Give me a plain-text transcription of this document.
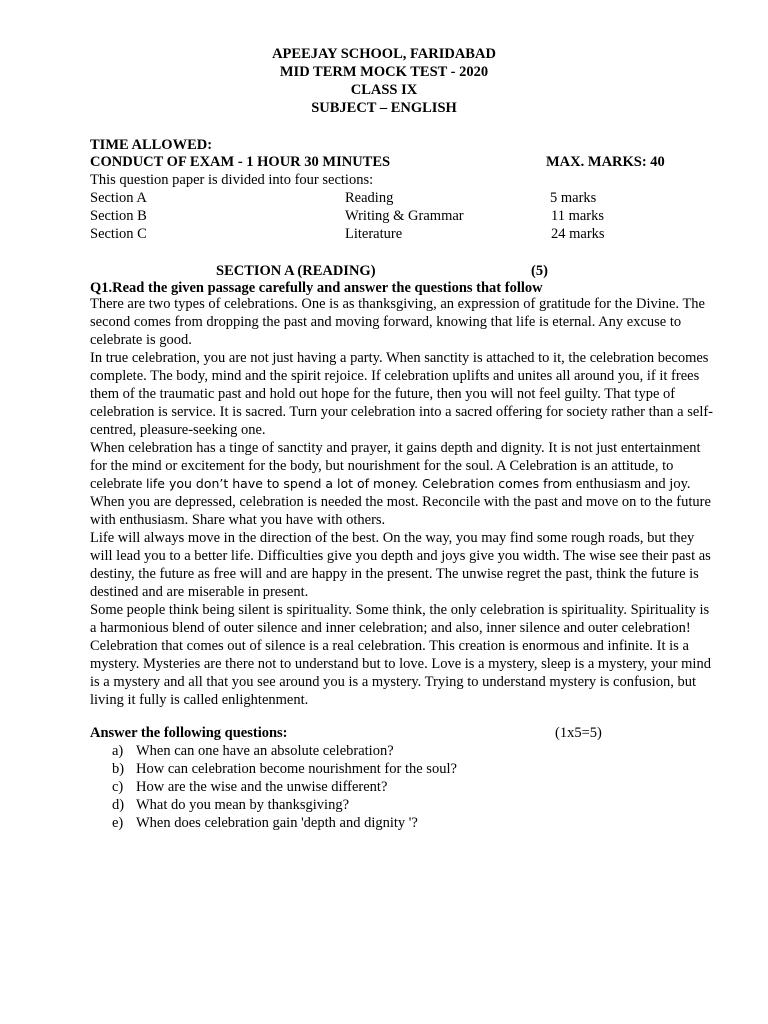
APEEJAY SCHOOL, FARIDABAD
MID TERM MOCK TEST - 2020
CLASS IX
SUBJECT – ENGLISH
TIME ALLOWED:
CONDUCT OF EXAM - 1 HOUR 30 MINUTES	MAX. MARKS: 40
This question paper is divided into four sections:
Section A	Reading	5 marks
Section B	Writing & Grammar	11 marks
Section C	Literature	24 marks
SECTION A (READING)	(5)
Q1.Read the given passage carefully and answer the questions that follow

There are two types of celebrations. One is as thanksgiving, an expression of gratitude for the Divine. The second comes from dropping the past and moving forward, knowing that life is eternal. Any excuse to celebrate is good.

In true celebration, you are not just having a party. When sanctity is attached to it, the celebration becomes complete. The body, mind and the spirit rejoice. If celebration uplifts and unites all around you, if it frees them of the traumatic past and hold out hope for the future, then you will not feel guilty. That type of celebration is service. It is sacred. Turn your celebration into a sacred offering for society rather than a self-centred, pleasure-seeking one.

When celebration has a tinge of sanctity and prayer, it gains depth and dignity. It is not just entertainment for the mind or excitement for the body, but nourishment for the soul. A Celebration is an attitude, to celebrate life you don’t have to spend a lot of money. Celebration comes from enthusiasm and joy. When you are depressed, celebration is needed the most. Reconcile with the past and move on to the future with enthusiasm. Share what you have with others.

Life will always move in the direction of the best. On the way, you may find some rough roads, but they will lead you to a better life. Difficulties give you depth and joys give you width. The wise see their past as destiny, the future as free will and are happy in the present. The unwise regret the past, think the future is destined and are miserable in present.

Some people think being silent is spirituality. Some think, the only celebration is spirituality. Spirituality is a harmonious blend of outer silence and inner celebration; and also, inner silence and outer celebration! Celebration that comes out of silence is a real celebration. This creation is enormous and infinite. It is a mystery. Mysteries are there not to understand but to love. Love is a mystery, sleep is a mystery, your mind is a mystery and all that you see around you is a mystery. Trying to understand mystery is confusion, but living it fully is called enlightenment.

Answer the following questions:	(1x5=5)
a) When can one have an absolute celebration?
b) How can celebration become nourishment for the soul?
c) How are the wise and the unwise different?
d) What do you mean by thanksgiving?
e) When does celebration gain 'depth and dignity '?
